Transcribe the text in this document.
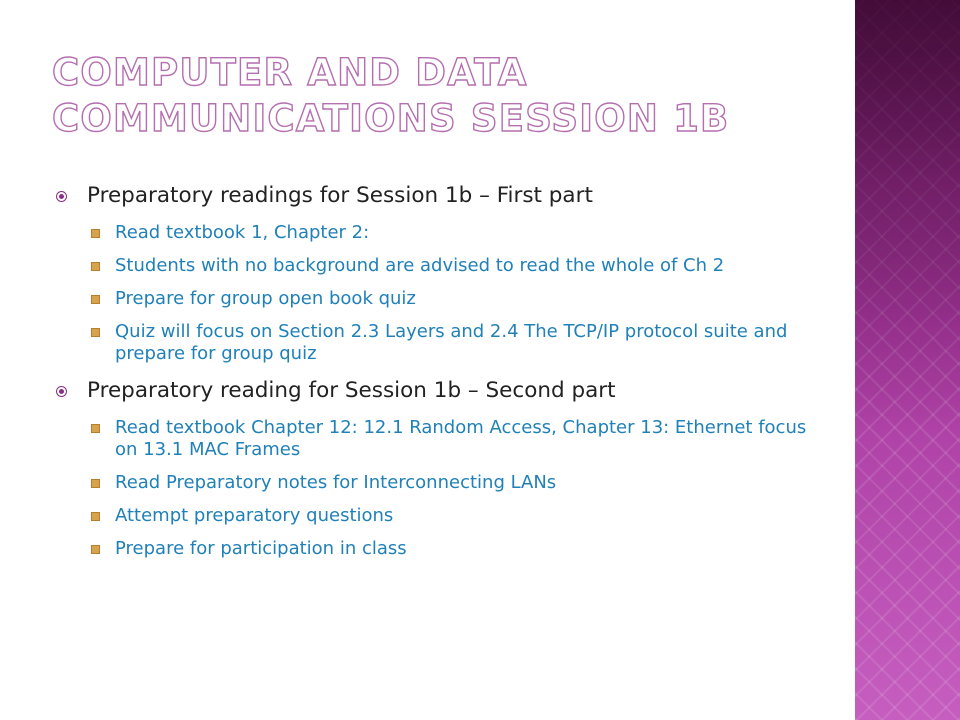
COMPUTER AND DATA COMMUNICATIONS SESSION 1B
Preparatory readings for Session 1b – First part
Read textbook 1, Chapter 2:
Students with no background are advised to read the whole of Ch 2
Prepare for group open book quiz
Quiz will focus on Section 2.3 Layers and 2.4 The TCP/IP protocol suite and prepare for group quiz
Preparatory reading for Session 1b – Second part
Read textbook Chapter 12: 12.1 Random Access, Chapter 13: Ethernet focus on 13.1 MAC Frames
Read Preparatory notes for Interconnecting LANs
Attempt preparatory questions
Prepare for participation in class
